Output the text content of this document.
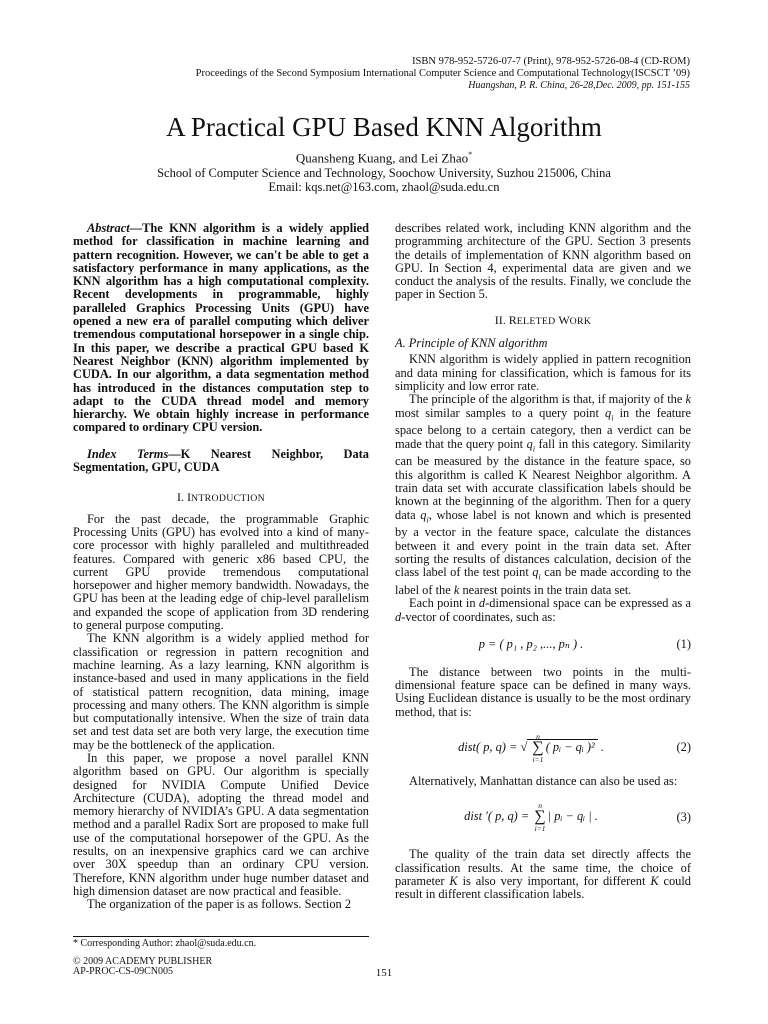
ISBN 978-952-5726-07-7 (Print), 978-952-5726-08-4 (CD-ROM)
Proceedings of the Second Symposium International Computer Science and Computational Technology(ISCSCT ’09)
Huangshan, P. R. China, 26-28,Dec. 2009, pp. 151-155
A Practical GPU Based KNN Algorithm
Quansheng Kuang, and Lei Zhao*
School of Computer Science and Technology, Soochow University, Suzhou 215006, China
Email: kqs.net@163.com, zhaol@suda.edu.cn

Abstract—The KNN algorithm is a widely applied method for classification in machine learning and pattern recognition. However, we can't be able to get a satisfactory performance in many applications, as the KNN algorithm has a high computational complexity. Recent developments in programmable, highly paralleled Graphics Processing Units (GPU) have opened a new era of parallel computing which deliver tremendous computational horsepower in a single chip. In this paper, we describe a practical GPU based K Nearest Neighbor (KNN) algorithm implemented by CUDA. In our algorithm, a data segmentation method has introduced in the distances computation step to adapt to the CUDA thread model and memory hierarchy. We obtain highly increase in performance compared to ordinary CPU version.

Index Terms—K Nearest Neighbor, Data Segmentation, GPU, CUDA

I. INTRODUCTION

For the past decade, the programmable Graphic Processing Units (GPU) has evolved into a kind of many-core processor with highly paralleled and multithreaded features. Compared with generic x86 based CPU, the current GPU provide tremendous computational horsepower and higher memory bandwidth. Nowadays, the GPU has been at the leading edge of chip-level parallelism and expanded the scope of application from 3D rendering to general purpose computing.

The KNN algorithm is a widely applied method for classification or regression in pattern recognition and machine learning. As a lazy learning, KNN algorithm is instance-based and used in many applications in the field of statistical pattern recognition, data mining, image processing and many others. The KNN algorithm is simple but computationally intensive. When the size of train data set and test data set are both very large, the execution time may be the bottleneck of the application.

In this paper, we propose a novel parallel KNN algorithm based on GPU. Our algorithm is specially designed for NVIDIA Compute Unified Device Architecture (CUDA), adopting the thread model and memory hierarchy of NVIDIA’s GPU. A data segmentation method and a parallel Radix Sort are proposed to make full use of the computational horsepower of the GPU. As the results, on an inexpensive graphics card we can archive over 30X speedup than an ordinary CPU version. Therefore, KNN algorithm under huge number dataset and high dimension dataset are now practical and feasible.

The organization of the paper is as follows. Section 2

describes related work, including KNN algorithm and the programming architecture of the GPU. Section 3 presents the details of implementation of KNN algorithm based on GPU. In Section 4, experimental data are given and we conduct the analysis of the results. Finally, we conclude the paper in Section 5.

II. RELETED WORK
A. Principle of KNN algorithm

KNN algorithm is widely applied in pattern recognition and data mining for classification, which is famous for its simplicity and low error rate.

The principle of the algorithm is that, if majority of the k most similar samples to a query point $q_i$ in the feature space belong to a certain category, then a verdict can be made that the query point $q_i$ fall in this category. Similarity can be measured by the distance in the feature space, so this algorithm is called K Nearest Neighbor algorithm. A train data set with accurate classification labels should be known at the beginning of the algorithm. Then for a query data $q_i$, whose label is not known and which is presented by a vector in the feature space, calculate the distances between it and every point in the train data set. After sorting the results of distances calculation, decision of the class label of the test point $q_i$ can be made according to the label of the k nearest points in the train data set.

Each point in d-dimensional space can be expressed as a d-vector of coordinates, such as:

p = ( p₁ , p₂ ,..., pₙ ) .	(1)

The distance between two points in the multi-dimensional feature space can be defined in many ways. Using Euclidean distance is usually to be the most ordinary method, that is:

dist( p, q) = √
n
∑
i=1
( pᵢ − qᵢ )² .	(2)

Alternatively, Manhattan distance can also be used as:

dist ′( p, q) =
n
∑
i=1
| pᵢ − qᵢ | .	(3)

The quality of the train data set directly affects the classification results. At the same time, the choice of parameter K is also very important, for different K could result in different classification labels.

* Corresponding Author: zhaol@suda.edu.cn.
© 2009 ACADEMY PUBLISHER
AP-PROC-CS-09CN005	151
